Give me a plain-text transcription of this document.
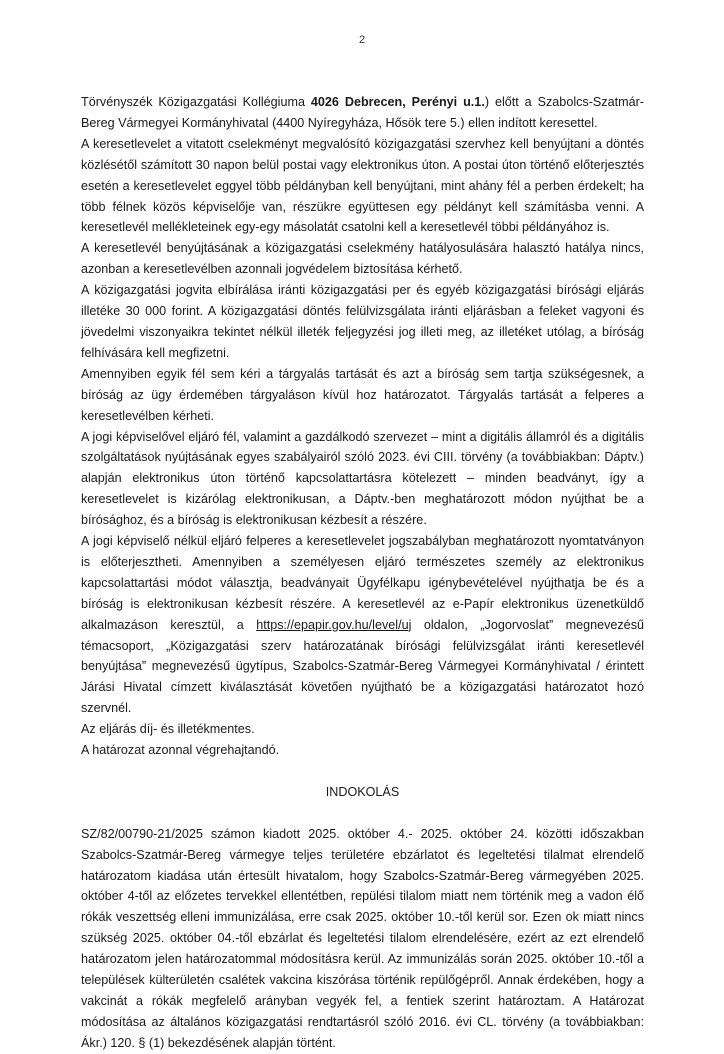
2

Törvényszék Közigazgatási Kollégiuma 4026 Debrecen, Perényi u.1.) előtt a Szabolcs-Szatmár-Bereg Vármegyei Kormányhivatal (4400 Nyíregyháza, Hősök tere 5.) ellen indított keresettel.

A keresetlevelet a vitatott cselekményt megvalósító közigazgatási szervhez kell benyújtani a döntés közlésétől számított 30 napon belül postai vagy elektronikus úton. A postai úton történő előterjesztés esetén a keresetlevelet eggyel több példányban kell benyújtani, mint ahány fél a perben érdekelt; ha több félnek közös képviselője van, részükre együttesen egy példányt kell számításba venni. A keresetlevél mellékleteinek egy-egy másolatát csatolni kell a keresetlevél többi példányához is.

A keresetlevél benyújtásának a közigazgatási cselekmény hatályosulására halasztó hatálya nincs, azonban a keresetlevélben azonnali jogvédelem biztosítása kérhető.

A közigazgatási jogvita elbírálása iránti közigazgatási per és egyéb közigazgatási bírósági eljárás illetéke 30 000 forint. A közigazgatási döntés felülvizsgálata iránti eljárásban a feleket vagyoni és jövedelmi viszonyaikra tekintet nélkül illeték feljegyzési jog illeti meg, az illetéket utólag, a bíróság felhívására kell megfizetni.

Amennyiben egyik fél sem kéri a tárgyalás tartását és azt a bíróság sem tartja szükségesnek, a bíróság az ügy érdemében tárgyaláson kívül hoz határozatot. Tárgyalás tartását a felperes a keresetlevélben kérheti.

A jogi képviselővel eljáró fél, valamint a gazdálkodó szervezet – mint a digitális államról és a digitális szolgáltatások nyújtásának egyes szabályairól szóló 2023. évi CIII. törvény (a továbbiakban: Dáptv.) alapján elektronikus úton történő kapcsolattartásra kötelezett – minden beadványt, így a keresetlevelet is kizárólag elektronikusan, a Dáptv.-ben meghatározott módon nyújthat be a bírósághoz, és a bíróság is elektronikusan kézbesít a részére.

A jogi képviselő nélkül eljáró felperes a keresetlevelet jogszabályban meghatározott nyomtatványon is előterjesztheti. Amennyiben a személyesen eljáró természetes személy az elektronikus kapcsolattartási módot választja, beadványait Ügyfélkapu igénybevételével nyújthatja be és a bíróság is elektronikusan kézbesít részére. A keresetlevél az e-Papír elektronikus üzenetküldő alkalmazáson keresztül, a https://epapir.gov.hu/level/uj oldalon, „Jogorvoslat” megnevezésű témacsoport, „Közigazgatási szerv határozatának bírósági felülvizsgálat iránti keresetlevél benyújtása” megnevezésű ügytípus, Szabolcs-Szatmár-Bereg Vármegyei Kormányhivatal / érintett Járási Hivatal címzett kiválasztását követően nyújtható be a közigazgatási határozatot hozó szervnél.

Az eljárás díj- és illetékmentes.

A határozat azonnal végrehajtandó.

INDOKOLÁS

SZ/82/00790-21/2025 számon kiadott 2025. október 4.- 2025. október 24. közötti időszakban Szabolcs-Szatmár-Bereg vármegye teljes területére ebzárlatot és legeltetési tilalmat elrendelő határozatom kiadása után értesült hivatalom, hogy Szabolcs-Szatmár-Bereg vármegyében 2025. október 4-től az előzetes tervekkel ellentétben, repülési tilalom miatt nem történik meg a vadon élő rókák veszettség elleni immunizálása, erre csak 2025. október 10.-től kerül sor. Ezen ok miatt nincs szükség 2025. október 04.-től ebzárlat és legeltetési tilalom elrendelésére, ezért az ezt elrendelő határozatom jelen határozatommal módosításra kerül. Az immunizálás során 2025. október 10.-től a települések külterületén csalétek vakcina kiszórása történik repülőgépről. Annak érdekében, hogy a vakcinát a rókák megfelelő arányban vegyék fel, a fentiek szerint határoztam. A Határozat módosítása az általános közigazgatási rendtartásról szóló 2016. évi CL. törvény (a továbbiakban: Ákr.) 120. § (1) bekezdésének alapján történt.
